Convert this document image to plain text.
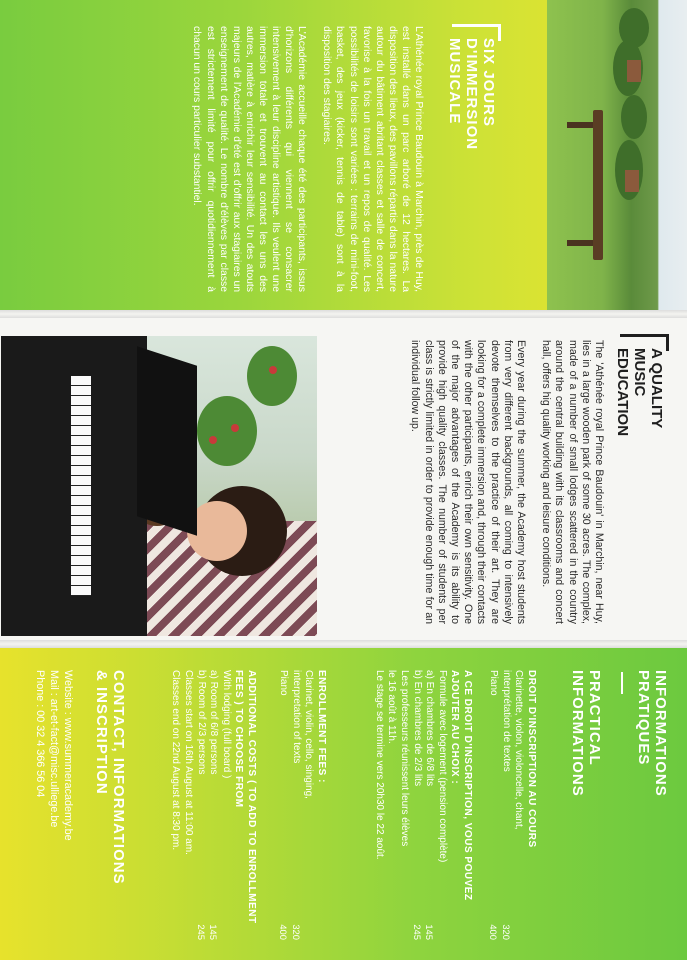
SIX JOURS
D'IMMERSION
MUSICALE

L'Athénée royal Prince Baudouin à Marchin, près de Huy, est installé dans un parc arboré de 12 hectares. La disposition des lieux, des pavillons répartis dans la nature autour du bâtiment abritant classes et salle de concert, favorise à la fois un travail et un repos de qualité. Les possibilités de loisirs sont variées : terrains de mini-foot, basket, des jeux (kicker, tennis de table) sont à la disposition des stagiaires.

L'Académie accueille chaque été des participants, issus d'horizons différents qui viennent se consacrer intensivement à leur discipline artistique. Ils veulent une immersion totale et trouvent au contact les uns des autres, matière à enrichir leur sensibilité. Un des atouts majeurs de l'Académie d'été est d'offrir aux stagiaires un enseignement de qualité. Le nombre d'élèves par classe est strictement limité pour offrir quotidiennement à chacun un cours particulier substantiel.

A QUALITY
MUSIC
EDUCATION

The 'Athénée royal Prince Baudouin' in Marchin, near Huy, lies in a large wooden park of some 30 acres. The complex, made of a number of small lodges scattered in the country around the central building with its classrooms and concert hall, offers hig quality working and leisure conditions.

Every year during the summer, the Academy host students from very different backgrounds, all coming to intensively devote themselves to the practice of their art. They are looking for a complete immersion and, through their contacts with the other participants, enrich their own sensitivity. One of the major advantages of the Academy is its ability to provide high quality classes. The number of students per class is strictly limited in order to provide enough time for an individual follow up.

INFORMATIONS
PRATIQUES
PRACTICAL
INFORMATIONS
DROIT D'INSCRIPTION AU COURS
Clarinette, violon, violoncelle, chant,
interprétation de textes
320
Piano
400
A CE DROIT D'INSCRIPTION, VOUS POUVEZ AJOUTER AU CHOIX :
Formule avec logement (pension complète)
a) En chambres de 6/8 lits
145
b) En chambres de 2/3 lits
245
Les professeurs réunissent leurs élèves
le 16 août à 11h.
Le stage se termine vers 20h30 le 22 août.
ENROLLMENT FEES :
Clarinet, violin, cello, singing,
interpretation of texts
320
Piano
400
ADDITIONAL COSTS ( TO ADD TO ENROLLMENT FEES ) TO CHOOSE FROM
With lodging (full board )
a) Room of 6/8 persons
145
b) Room of 2/3 persons
245
Classes start on 16th August at 11:00 am.
Classes end on 22nd August at 8:30 pm.
CONTACT, INFORMATIONS
& INSCRIPTION
Website : www.summeracademy.be
Mail : art-et-fact@misc.ulliege.be
Phone : 00 32 4 366 56 04
